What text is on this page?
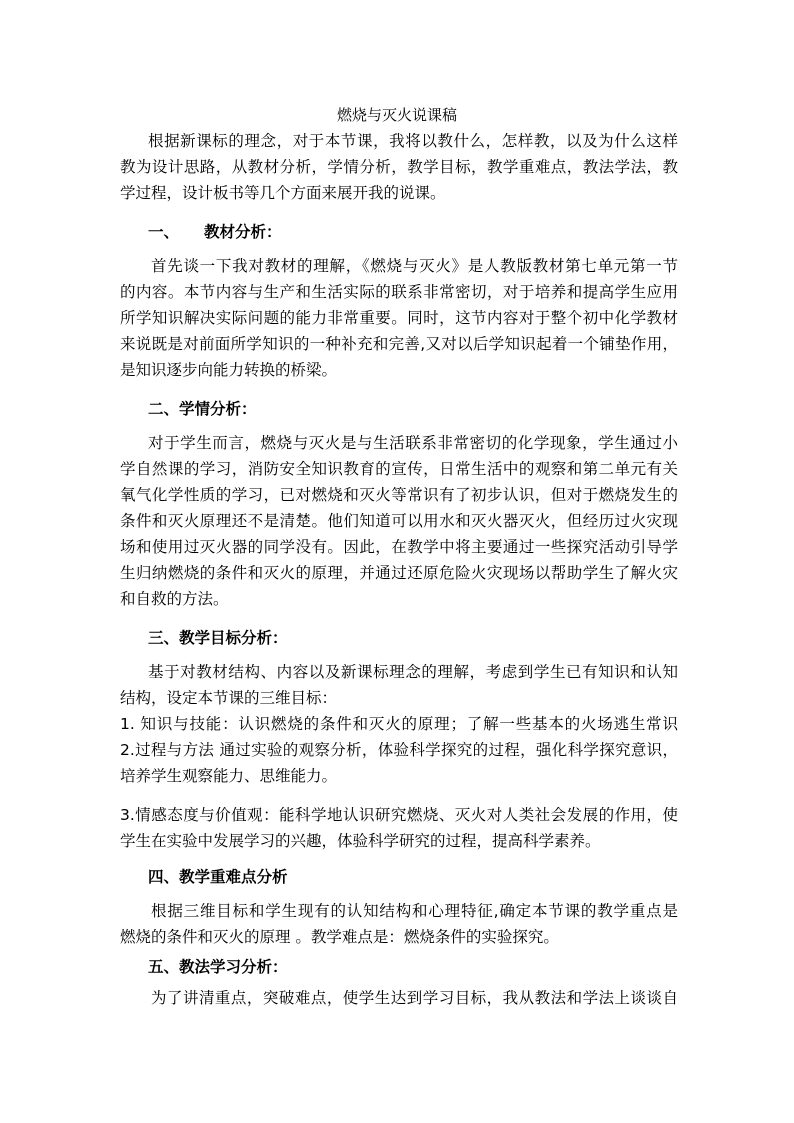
燃烧与灭火说课稿
根据新课标的理念，对于本节课，我将以教什么，怎样教，以及为什么这样
教为设计思路，从教材分析，学情分析，教学目标，教学重难点，教法学法，教
学过程，设计板书等几个方面来展开我的说课。
一、	教材分析：
首先谈一下我对教材的理解，《燃烧与灭火》是人教版教材第七单元第一节
的内容。本节内容与生产和生活实际的联系非常密切，对于培养和提高学生应用
所学知识解决实际问题的能力非常重要。同时，这节内容对于整个初中化学教材
来说既是对前面所学知识的一种补充和完善,又对以后学知识起着一个铺垫作用，
是知识逐步向能力转换的桥梁。
二、学情分析：
对于学生而言，燃烧与灭火是与生活联系非常密切的化学现象，学生通过小
学自然课的学习，消防安全知识教育的宣传，日常生活中的观察和第二单元有关
氧气化学性质的学习，已对燃烧和灭火等常识有了初步认识，但对于燃烧发生的
条件和灭火原理还不是清楚。他们知道可以用水和灭火器灭火，但经历过火灾现
场和使用过灭火器的同学没有。因此，在教学中将主要通过一些探究活动引导学
生归纳燃烧的条件和灭火的原理，并通过还原危险火灾现场以帮助学生了解火灾
和自救的方法。
三、教学目标分析：
基于对教材结构、内容以及新课标理念的理解，考虑到学生已有知识和认知
结构，设定本节课的三维目标：
1. 知识与技能：认识燃烧的条件和灭火的原理；了解一些基本的火场逃生常识
2.过程与方法 通过实验的观察分析，体验科学探究的过程，强化科学探究意识，
培养学生观察能力、思维能力。
3.情感态度与价值观：能科学地认识研究燃烧、灭火对人类社会发展的作用，使
学生在实验中发展学习的兴趣，体验科学研究的过程，提高科学素养。
四、教学重难点分析
根据三维目标和学生现有的认知结构和心理特征,确定本节课的教学重点是
燃烧的条件和灭火的原理 。教学难点是：燃烧条件的实验探究。
五、教法学习分析：
为了讲清重点，突破难点，使学生达到学习目标，我从教法和学法上谈谈自
